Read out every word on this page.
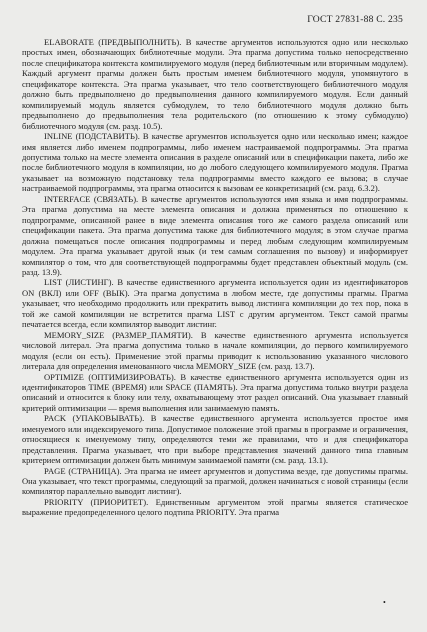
ГОСТ 27831-88 С. 235

ELABORATE (ПРЕДВЫПОЛНИТЬ). В качестве аргументов используются одно или несколько простых имен, обозначающих библиотечные модули. Эта прагма допустима только непосредственно после спецификатора контекста компилируемого модуля (перед библиотечным или вторичным модулем). Каждый аргумент прагмы должен быть простым именем библиотечного модуля, упомянутого в спецификаторе контекста. Эта прагма указывает, что тело соответствующего библиотечного модуля должно быть предвыполнено до предвыполнения данного компилируемого модуля. Если данный компилируемый модуль является субмодулем, то тело библиотечного модуля должно быть предвыполнено до предвыполнения тела родительского (по отношению к этому субмодулю) библиотечного модуля (см. разд. 10.5).

INLINE (ПОДСТАВИТЬ). В качестве аргументов используется одно или несколько имен; каждое имя является либо именем подпрограммы, либо именем настраиваемой подпрограммы. Эта прагма допустима только на месте элемента описания в разделе описаний или в спецификации пакета, либо же после библиотечного модуля в компиляции, но до любого следующего компилируемого модуля. Прагма указывает на возможную подстановку тела подпрограммы вместо каждого ее вызова; в случае настраиваемой подпрограммы, эта прагма относится к вызовам ее конкретизаций (см. разд. 6.3.2).

INTERFACE (СВЯЗАТЬ). В качестве аргументов используются имя языка и имя подпрограммы. Эта прагма допустима на месте элемента описания и должна применяться по отношению к подпрограмме, описанной ранее в виде элемента описания того же самого раздела описаний или спецификации пакета. Эта прагма допустима также для библиотечного модуля; в этом случае прагма должна помещаться после описания подпрограммы и перед любым следующим компилируемым модулем. Эта прагма указывает другой язык (и тем самым соглашения по вызову) и информирует компилятор о том, что для соответствующей подпрограммы будет представлен объектный модуль (см. разд. 13.9).

LIST (ЛИСТИНГ). В качестве единственного аргумента используется один из идентификаторов ON (ВКЛ) или OFF (ВЫК). Эта прагма допустима в любом месте, где допустимы прагмы. Прагма указывает, что необходимо продолжить или прекратить вывод листинга компиляции до тех пор, пока в той же самой компиляции не встретится прагма LIST с другим аргументом. Текст самой прагмы печатается всегда, если компилятор выводит листинг.

MEMORY_SIZE (РАЗМЕР_ПАМЯТИ). В качестве единственного аргумента используется числовой литерал. Эта прагма допустима только в начале компиляции, до первого компилируемого модуля (если он есть). Применение этой прагмы приводит к использованию указанного числового литерала для определения именованного числа MEMORY_SIZE (см. разд. 13.7).

OPTIMIZE (ОПТИМИЗИРОВАТЬ). В качестве единственного аргумента используется один из идентификаторов TIME (ВРЕМЯ) или SPACE (ПАМЯТЬ). Эта прагма допустима только внутри раздела описаний и относится к блоку или телу, охватывающему этот раздел описаний. Она указывает главный критерий оптимизации — время выполнения или занимаемую память.

PACK (УПАКОВЫВАТЬ). В качестве единственного аргумента используется простое имя именуемого или индексируемого типа. Допустимое положение этой прагмы в программе и ограничения, относящиеся к именуемому типу, определяются теми же правилами, что и для спецификатора представления. Прагма указывает, что при выборе представления значений данного типа главным критерием оптимизации должен быть минимум занимаемой памяти (см. разд. 13.1).

PAGE (СТРАНИЦА). Эта прагма не имеет аргументов и допустима везде, где допустимы прагмы. Она указывает, что текст программы, следующий за прагмой, должен начинаться с новой страницы (если компилятор параллельно выводит листинг).

PRIORITY (ПРИОРИТЕТ). Единственным аргументом этой прагмы является статическое выражение предопределенного целого подтипа PRIORITY. Эта прагма

•
